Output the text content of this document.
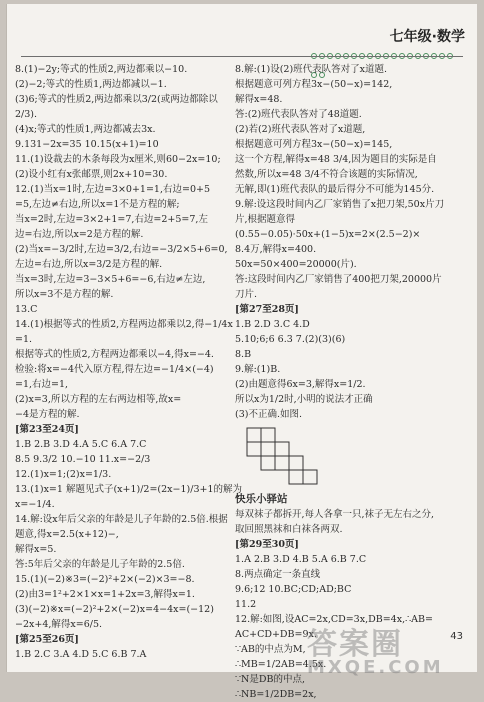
七年级·数学
8.(1)−2y;等式的性质2,两边都乘以−10.
(2)−2;等式的性质1,两边都减以−1.
(3)6;等式的性质2,两边都乘以3/2(或两边都除以
2/3).
(4)x;等式的性质1,两边都减去3x.
9.131−2x=35 10.15(x+1)=10
11.(1)设裁去的木条每段为x厘米,则60−2x=10;
(2)设小红有x张邮票,则2x+10=30.
12.(1)当x=1时,左边=3×0+1=1,右边=0+5
=5,左边≠右边,所以x=1不是方程的解;
当x=2时,左边=3×2+1=7,右边=2+5=7,左
边=右边,所以x=2是方程的解.
(2)当x=−3/2时,左边=3/2,右边=−3/2×5+6=0,
左边=右边,所以x=3/2是方程的解.
当x=3时,左边=3−3×5+6=−6,右边≠左边,
所以x=3不是方程的解.
13.C
14.(1)根据等式的性质2,方程两边都乘以2,得−1/4x
=1.
根据等式的性质2,方程两边都乘以−4,得x=−4.
检验:将x=−4代入原方程,得左边=−1/4×(−4)
=1,右边=1,
(2)x=3,所以方程的左右两边相等,故x=
−4是方程的解.
[第23至24页]
1.B 2.B 3.D 4.A 5.C 6.A 7.C
8.5 9.3/2 10.−10 11.x=−2/3
12.(1)x=1;(2)x=1/3.
13.(1)x=1 解题见式子(x+1)/2=(2x−1)/3+1的解为
x=−1/4.
14.解:设x年后父亲的年龄是儿子年龄的2.5倍.根据
题意,得x=2.5(x+12)−,
解得x=5.
答:5年后父亲的年龄是儿子年龄的2.5倍.
15.(1)(−2)※3=(−2)²+2×(−2)×3=−8.
(2)由3=1²+2×1×x=1+2x=3,解得x=1.
(3)(−2)※x=(−2)²+2×(−2)x=4−4x=(−12)
−2x+4,解得x=6/5.
[第25至26页]
1.B 2.C 3.A 4.D 5.C 6.B 7.A
8.解:(1)设(2)班代表队答对了x道题.
根据题意可列方程3x−(50−x)=142,
解得x=48.
答:(2)班代表队答对了48道题.
(2)若(2)班代表队答对了x道题,
根据题意可列方程3x−(50−x)=145,
这一个方程,解得x=48 3/4,因为题目的实际是自
然数,所以x=48 3/4不符合该题的实际情况,
无解,即(1)班代表队的最后得分不可能为145分.
9.解:设这段时间内乙厂家销售了x把刀架,50x片刀
片,根据题意得
(0.55−0.05)·50x+(1−5)x=2×(2.5−2)×
8.4万,解得x=400.
50x=50×400=20000(片).
答:这段时间内乙厂家销售了400把刀架,20000片
刀片.
[第27至28页]
1.B 2.D 3.C 4.D
5.10;6;6 6.3 7.(2)(3)(6)
8.B
9.解:(1)B.
(2)由题意得6x=3,解得x=1/2.
所以x为1/2时,小明的说法才正确
(3)不正确.如图.
快乐小驿站
每双袜子都拆开,每人各拿一只,袜子无左右之分,
取回照黑袜和白袜各两双.
[第29至30页]
1.A 2.B 3.D 4.B 5.A 6.B 7.C
8.两点确定一条直线
9.6;12 10.BC;CD;AD;BC
11.2
12.解:如图,设AC=2x,CD=3x,DB=4x,∴AB=
AC+CD+DB=9x.
∵AB的中点为M,
∴MB=1/2AB=4.5x.
∵N是DB的中点,
∴NB=1/2DB=2x,
43
答案圈
MXQE.COM
